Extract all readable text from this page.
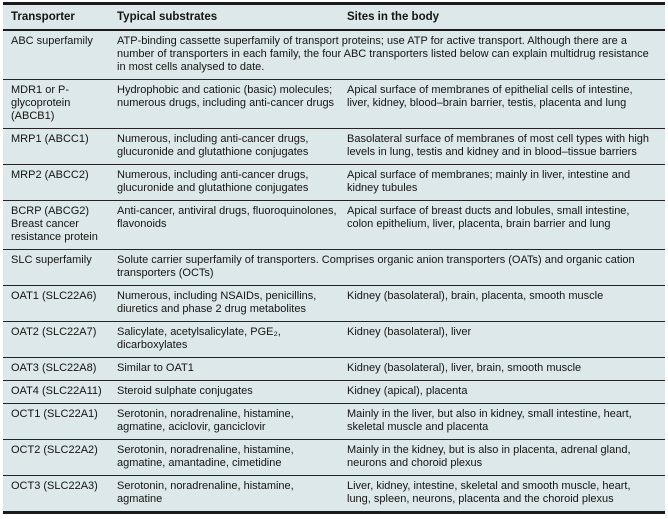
Transporter	Typical substrates	Sites in the body
ABC superfamily	ATP-binding cassette superfamily of transport proteins; use ATP for active transport. Although there are a number of transporters in each family, the four ABC transporters listed below can explain multidrug resistance in most cells analysed to date.	
MDR1 or P-glycoprotein (ABCB1)	Hydrophobic and cationic (basic) molecules; numerous drugs, including anti-cancer drugs	Apical surface of membranes of epithelial cells of intestine, liver, kidney, blood–brain barrier, testis, placenta and lung
MRP1 (ABCC1)	Numerous, including anti-cancer drugs, glucuronide and glutathione conjugates	Basolateral surface of membranes of most cell types with high levels in lung, testis and kidney and in blood–tissue barriers
MRP2 (ABCC2)	Numerous, including anti-cancer drugs, glucuronide and glutathione conjugates	Apical surface of membranes; mainly in liver, intestine and kidney tubules
BCRP (ABCG2) Breast cancer resistance protein	Anti-cancer, antiviral drugs, fluoroquinolones, flavonoids	Apical surface of breast ducts and lobules, small intestine, colon epithelium, liver, placenta, brain barrier and lung
SLC superfamily	Solute carrier superfamily of transporters. Comprises organic anion transporters (OATs) and organic cation transporters (OCTs)	
OAT1 (SLC22A6)	Numerous, including NSAIDs, penicillins, diuretics and phase 2 drug metabolites	Kidney (basolateral), brain, placenta, smooth muscle
OAT2 (SLC22A7)	Salicylate, acetylsalicylate, PGE₂, dicarboxylates	Kidney (basolateral), liver
OAT3 (SLC22A8)	Similar to OAT1	Kidney (basolateral), liver, brain, smooth muscle
OAT4 (SLC22A11)	Steroid sulphate conjugates	Kidney (apical), placenta
OCT1 (SLC22A1)	Serotonin, noradrenaline, histamine, agmatine, aciclovir, ganciclovir	Mainly in the liver, but also in kidney, small intestine, heart, skeletal muscle and placenta
OCT2 (SLC22A2)	Serotonin, noradrenaline, histamine, agmatine, amantadine, cimetidine	Mainly in the kidney, but is also in placenta, adrenal gland, neurons and choroid plexus
OCT3 (SLC22A3)	Serotonin, noradrenaline, histamine, agmatine	Liver, kidney, intestine, skeletal and smooth muscle, heart, lung, spleen, neurons, placenta and the choroid plexus
